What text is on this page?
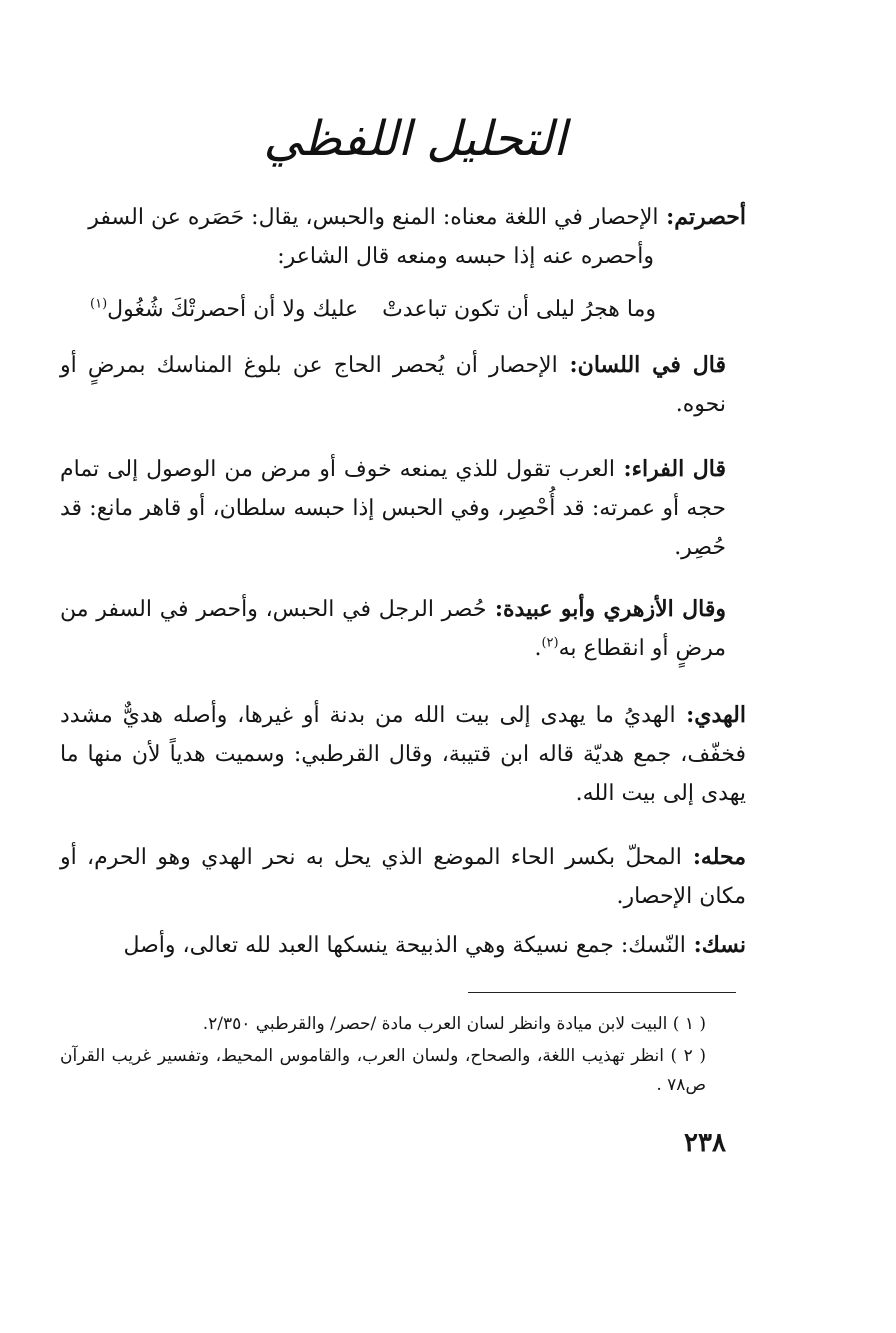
التحليل اللفظي

أحصرتم: الإحصار في اللغة معناه: المنع والحبس، يقال: حَصَره عن السفر

وأحصره عنه إذا حبسه ومنعه قال الشاعر:

وما هجرُ ليلى أن تكون تباعدتْ
عليك ولا أن أحصرتْكَ شُغُول$^{(١)}$

قال في اللسان: الإحصار أن يُحصر الحاج عن بلوغ المناسك بمرضٍ أو نحوه.

قال الفراء: العرب تقول للذي يمنعه خوف أو مرض من الوصول إلى تمام حجه أو عمرته: قد أُحْصِر، وفي الحبس إذا حبسه سلطان، أو قاهر مانع: قد حُصِر.

وقال الأزهري وأبو عبيدة: حُصر الرجل في الحبس، وأحصر في السفر من مرضٍ أو انقطاع به$^{(٢)}$.

الهدي: الهديُ ما يهدى إلى بيت الله من بدنة أو غيرها، وأصله هديٌّ مشدد فخفّف، جمع هديّة قاله ابن قتيبة، وقال القرطبي: وسميت هدياً لأن منها ما يهدى إلى بيت الله.

محله: المحلّ بكسر الحاء الموضع الذي يحل به نحر الهدي وهو الحرم، أو مكان الإحصار.

نسك: النّسك: جمع نسيكة وهي الذبيحة ينسكها العبد لله تعالى، وأصل

( ١ ) البيت لابن ميادة وانظر لسان العرب مادة /حصر/ والقرطبي ٢/٣٥٠.
( ٢ ) انظر تهذيب اللغة، والصحاح، ولسان العرب، والقاموس المحيط، وتفسير غريب القرآن ص٧٨ .
٢٣٨
